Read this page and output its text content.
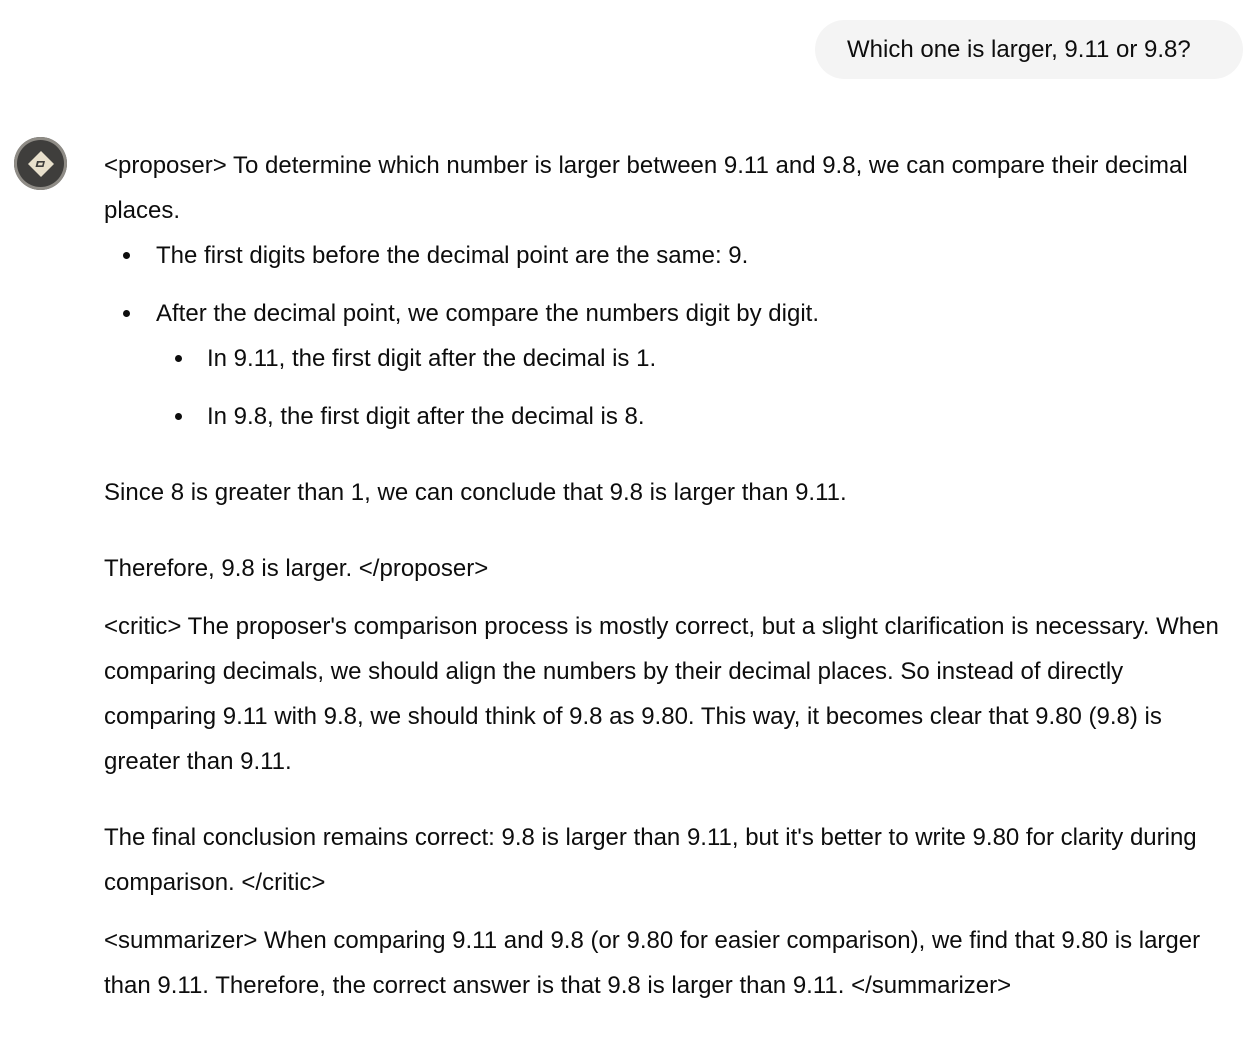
Which one is larger, 9.11 or 9.8?

<proposer> To determine which number is larger between 9.11 and 9.8, we can compare their decimal places.

The first digits before the decimal point are the same: 9.
After the decimal point, we compare the numbers digit by digit.
In 9.11, the first digit after the decimal is 1.
In 9.8, the first digit after the decimal is 8.

Since 8 is greater than 1, we can conclude that 9.8 is larger than 9.11.

Therefore, 9.8 is larger. </proposer>

<critic> The proposer's comparison process is mostly correct, but a slight clarification is necessary. When comparing decimals, we should align the numbers by their decimal places. So instead of directly comparing 9.11 with 9.8, we should think of 9.8 as 9.80. This way, it becomes clear that 9.80 (9.8) is greater than 9.11.

The final conclusion remains correct: 9.8 is larger than 9.11, but it's better to write 9.80 for clarity during comparison. </critic>

<summarizer> When comparing 9.11 and 9.8 (or 9.80 for easier comparison), we find that 9.80 is larger than 9.11. Therefore, the correct answer is that 9.8 is larger than 9.11. </summarizer>
